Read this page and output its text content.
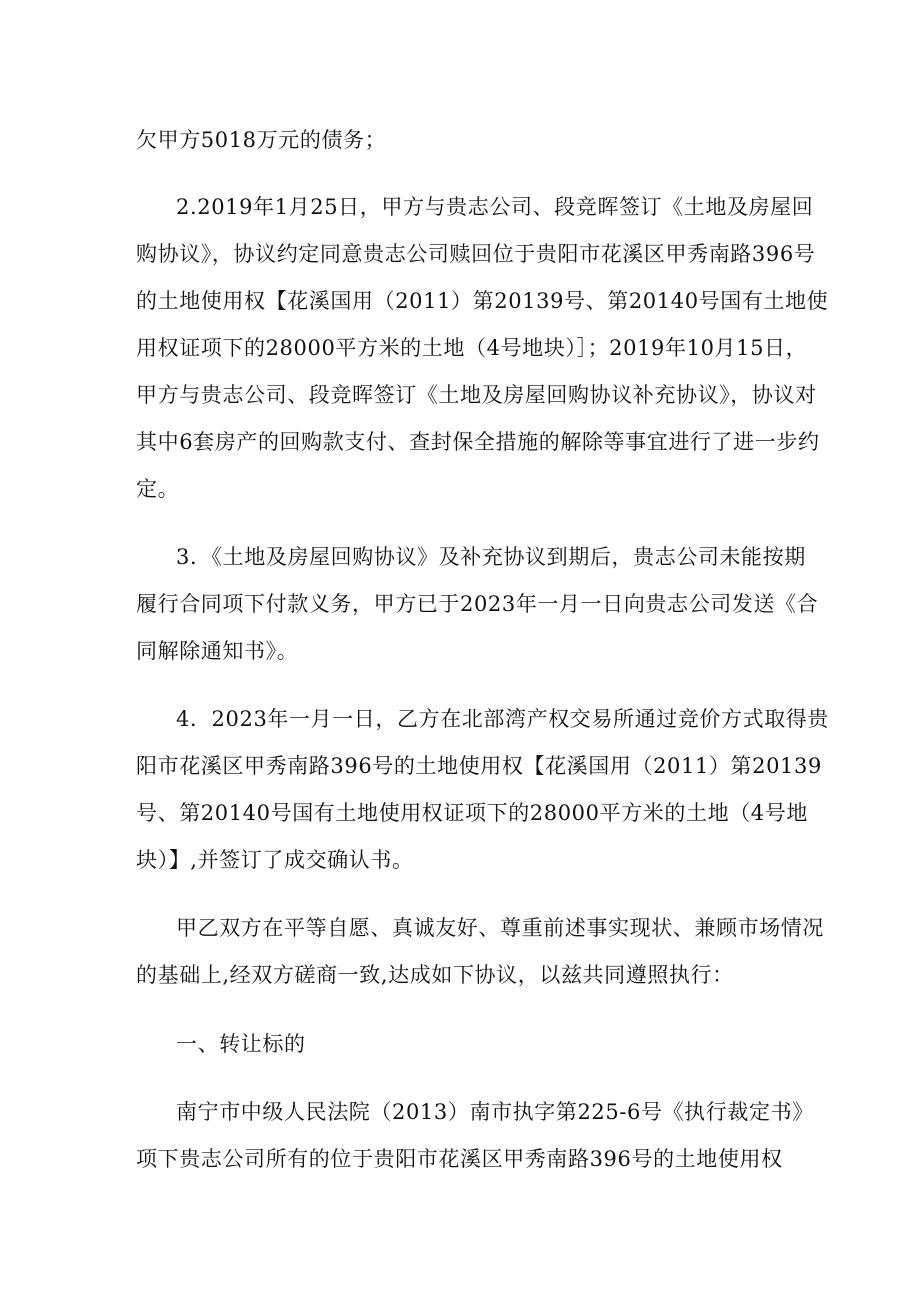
欠甲方5018万元的债务；
2.2019年1月25日，甲方与贵志公司、段竞晖签订《土地及房屋回
购协议》，协议约定同意贵志公司赎回位于贵阳市花溪区甲秀南路396号
的土地使用权【花溪国用（2011）第20139号、第20140号国有土地使
用权证项下的28000平方米的土地（4号地块）］；2019年10月15日，
甲方与贵志公司、段竞晖签订《土地及房屋回购协议补充协议》，协议对
其中6套房产的回购款支付、查封保全措施的解除等事宜进行了进一步约
定。
3．《土地及房屋回购协议》及补充协议到期后，贵志公司未能按期
履行合同项下付款义务，甲方已于2023年一月一日向贵志公司发送《合
同解除通知书》。
4．2023年一月一日，乙方在北部湾产权交易所通过竞价方式取得贵
阳市花溪区甲秀南路396号的土地使用权【花溪国用（2011）第20139
号、第20140号国有土地使用权证项下的28000平方米的土地（4号地
块）】,并签订了成交确认书。
甲乙双方在平等自愿、真诚友好、尊重前述事实现状、兼顾市场情况
的基础上,经双方磋商一致,达成如下协议，以兹共同遵照执行：
一、转让标的
南宁市中级人民法院（2013）南市执字第225-6号《执行裁定书》
项下贵志公司所有的位于贵阳市花溪区甲秀南路396号的土地使用权
